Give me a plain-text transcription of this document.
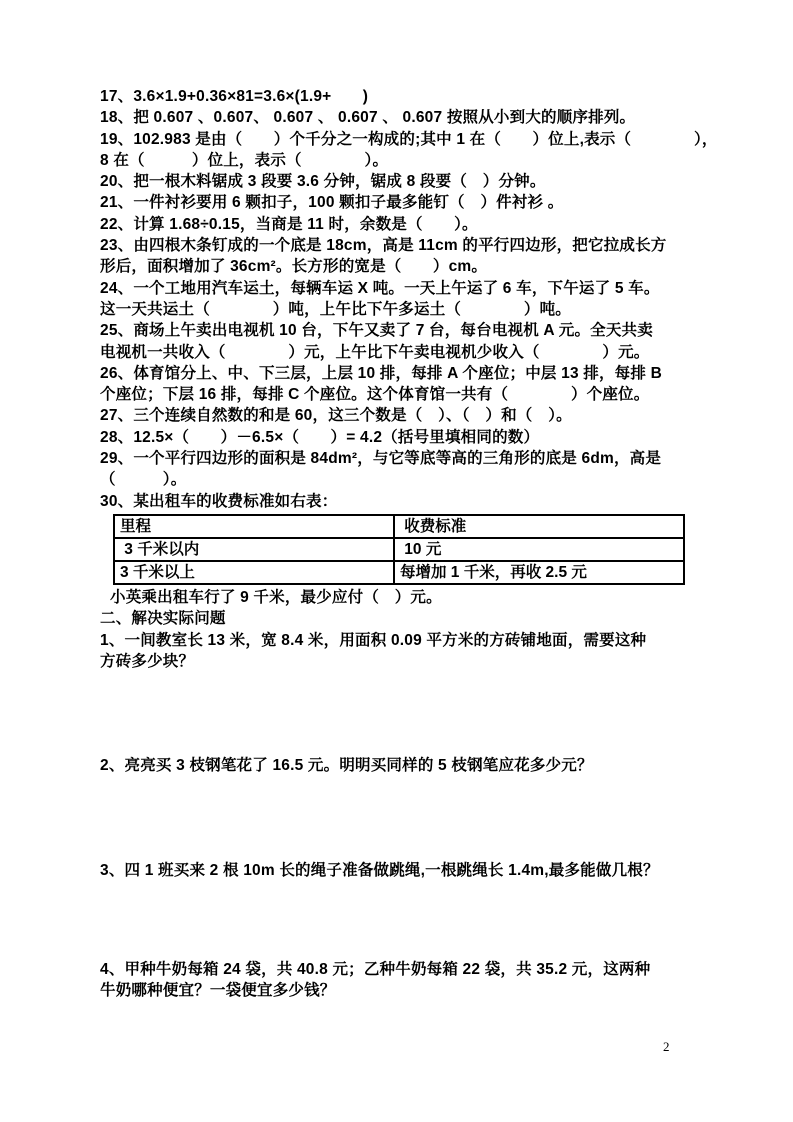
17、3.6×1.9+0.36×81=3.6×(1.9+　　)
18、把 0.607 、0.607、 0.607 、 0.607 、 0.607 按照从小到大的顺序排列。
19、102.983 是由（　　）个千分之一构成的;其中 1 在（　　）位上,表示（　　　　），
8 在（　　　）位上，表示（　　　　）。
20、把一根木料锯成 3 段要 3.6 分钟，锯成 8 段要（　）分钟。
21、一件衬衫要用 6 颗扣子，100 颗扣子最多能钉（　）件衬衫 。
22、计算 1.68÷0.15，当商是 11 时，余数是（　　）。
23、由四根木条钉成的一个底是 18cm，高是 11cm 的平行四边形，把它拉成长方
形后，面积增加了 36cm²。长方形的宽是（　　）cm。
24、一个工地用汽车运土，每辆车运 X 吨。一天上午运了 6 车，下午运了 5 车。
这一天共运土（　　　　）吨，上午比下午多运土（　　　　）吨。
25、商场上午卖出电视机 10 台，下午又卖了 7 台，每台电视机 A 元。全天共卖
电视机一共收入（　　　　）元，上午比下午卖电视机少收入（　　　　）元。
26、体育馆分上、中、下三层，上层 10 排，每排 A 个座位；中层 13 排，每排 B
个座位；下层 16 排，每排 C 个座位。这个体育馆一共有（　　　　）个座位。
27、三个连续自然数的和是 60，这三个数是（　）、（　）和（　）。
28、12.5×（　　）－6.5×（　　）= 4.2（括号里填相同的数）
29、一个平行四边形的面积是 84dm²，与它等底等高的三角形的底是 6dm，高是
（　　　）。
30、某出租车的收费标准如右表：
里程	收费标准
3 千米以内	10 元
3 千米以上	每增加 1 千米，再收 2.5 元
小英乘出租车行了 9 千米，最少应付（　）元。
二、解决实际问题
1、一间教室长 13 米，宽 8.4 米，用面积 0.09 平方米的方砖铺地面，需要这种
方砖多少块？
2、亮亮买 3 枝钢笔花了 16.5 元。明明买同样的 5 枝钢笔应花多少元？
3、四 1 班买来 2 根 10m 长的绳子准备做跳绳,一根跳绳长 1.4m,最多能做几根？
4、甲种牛奶每箱 24 袋，共 40.8 元；乙种牛奶每箱 22 袋，共 35.2 元，这两种
牛奶哪种便宜？一袋便宜多少钱？
2
